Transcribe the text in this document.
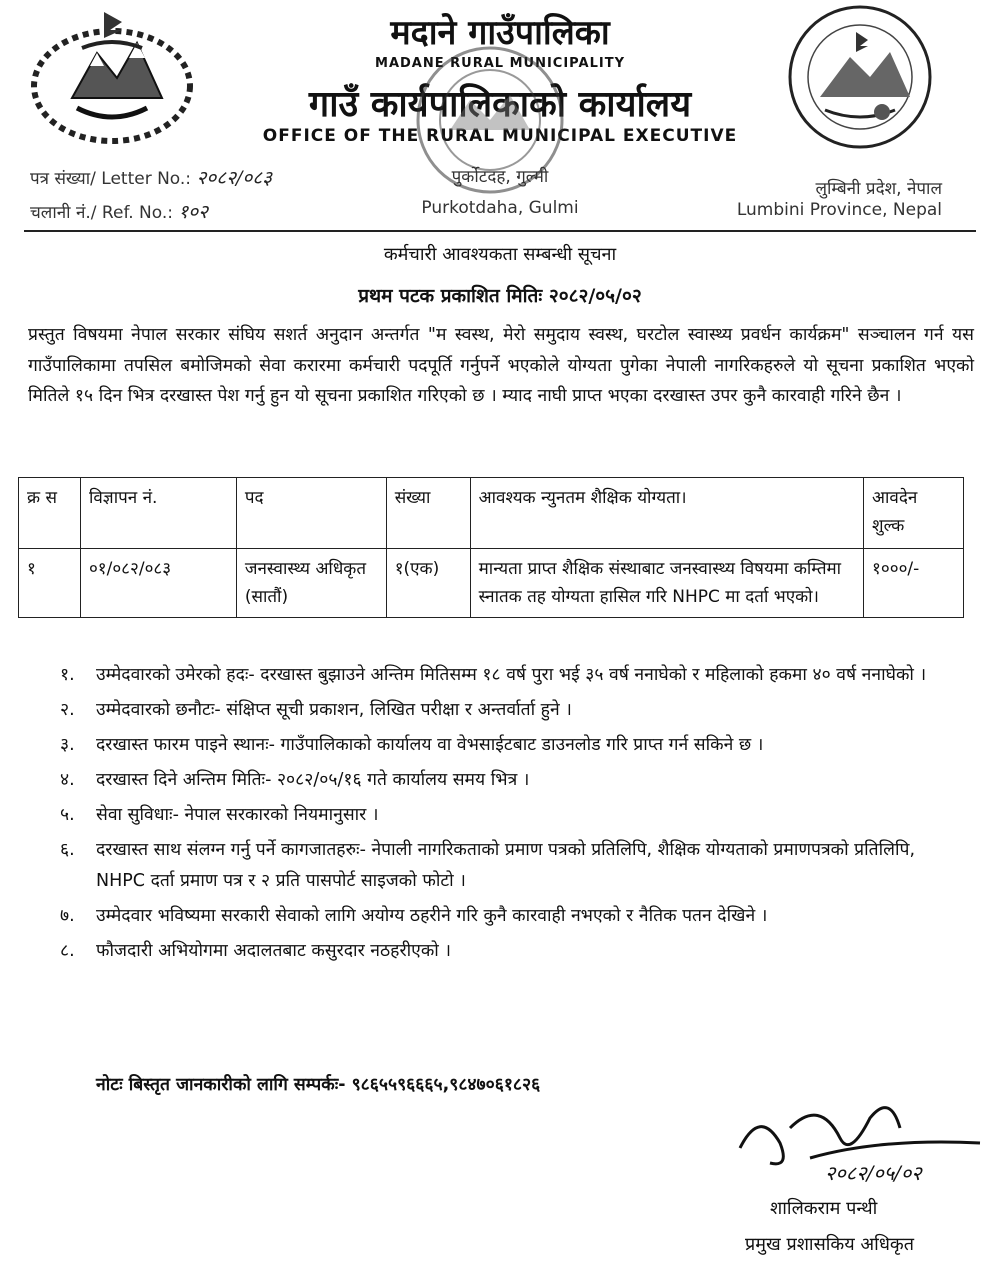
मदाने गाउँपालिका
MADANE RURAL MUNICIPALITY
गाउँ कार्यपालिकाको कार्यालय
OFFICE OF THE RURAL MUNICIPAL EXECUTIVE
पत्र संख्या/ Letter No.: २०८२/०८३
चलानी नं./ Ref. No.: १०२
पुर्कोटदह, गुल्मी
Purkotdaha, Gulmi
लुम्बिनी प्रदेश, नेपाल
Lumbini Province, Nepal
कर्मचारी आवश्यकता सम्बन्धी सूचना
प्रथम पटक प्रकाशित मितिः २०८२/०५/०२
प्रस्तुत विषयमा नेपाल सरकार संघिय सशर्त अनुदान अन्तर्गत "म स्वस्थ, मेरो समुदाय स्वस्थ, घरटोल स्वास्थ्य प्रवर्धन कार्यक्रम" सञ्चालन गर्न यस गाउँपालिकामा तपसिल बमोजिमको सेवा करारमा कर्मचारी पदपूर्ति गर्नुपर्ने भएकोले योग्यता पुगेका नेपाली नागरिकहरुले यो सूचना प्रकाशित भएको मितिले १५ दिन भित्र दरखास्त पेश गर्नु हुन यो सूचना प्रकाशित गरिएको छ । म्याद नाघी प्राप्त भएका दरखास्त उपर कुनै कारवाही गरिने छैन ।
क्र स	विज्ञापन नं.	पद	संख्या	आवश्यक न्युनतम शैक्षिक योग्यता।	आवदेन शुल्क
१	०१/०८२/०८३	जनस्वास्थ्य अधिकृत (सातौं)	१(एक)	मान्यता प्राप्त शैक्षिक संस्थाबाट जनस्वास्थ्य विषयमा कम्तिमा स्नातक तह योग्यता हासिल गरि NHPC मा दर्ता भएको।	१०००/-
१.	उम्मेदवारको उमेरको हदः- दरखास्त बुझाउने अन्तिम मितिसम्म १८ वर्ष पुरा भई ३५ वर्ष ननाघेको र महिलाको हकमा ४० वर्ष ननाघेको ।
२.	उम्मेदवारको छनौटः- संक्षिप्त सूची प्रकाशन, लिखित परीक्षा र अन्तर्वार्ता हुने ।
३.	दरखास्त फारम पाइने स्थानः- गाउँपालिकाको कार्यालय वा वेभसाईटबाट डाउनलोड गरि प्राप्त गर्न सकिने छ ।
४.	दरखास्त दिने अन्तिम मितिः- २०८२/०५/१६ गते कार्यालय समय भित्र ।
५.	सेवा सुविधाः- नेपाल सरकारको नियमानुसार ।
६.	दरखास्त साथ संलग्न गर्नु पर्ने कागजातहरुः- नेपाली नागरिकताको प्रमाण पत्रको प्रतिलिपि, शैक्षिक योग्यताको प्रमाणपत्रको प्रतिलिपि, NHPC दर्ता प्रमाण पत्र र २ प्रति पासपोर्ट साइजको फोटो ।
७.	उम्मेदवार भविष्यमा सरकारी सेवाको लागि अयोग्य ठहरीने गरि कुनै कारवाही नभएको र नैतिक पतन देखिने ।
८.	फौजदारी अभियोगमा अदालतबाट कसुरदार नठहरीएको ।
नोटः बिस्तृत जानकारीको लागि सम्पर्कः- ९८६५५९६६६५,९८४७०६१८२६
२०८२/०५/०२
शालिकराम पन्थी
प्रमुख प्रशासकिय अधिकृत
